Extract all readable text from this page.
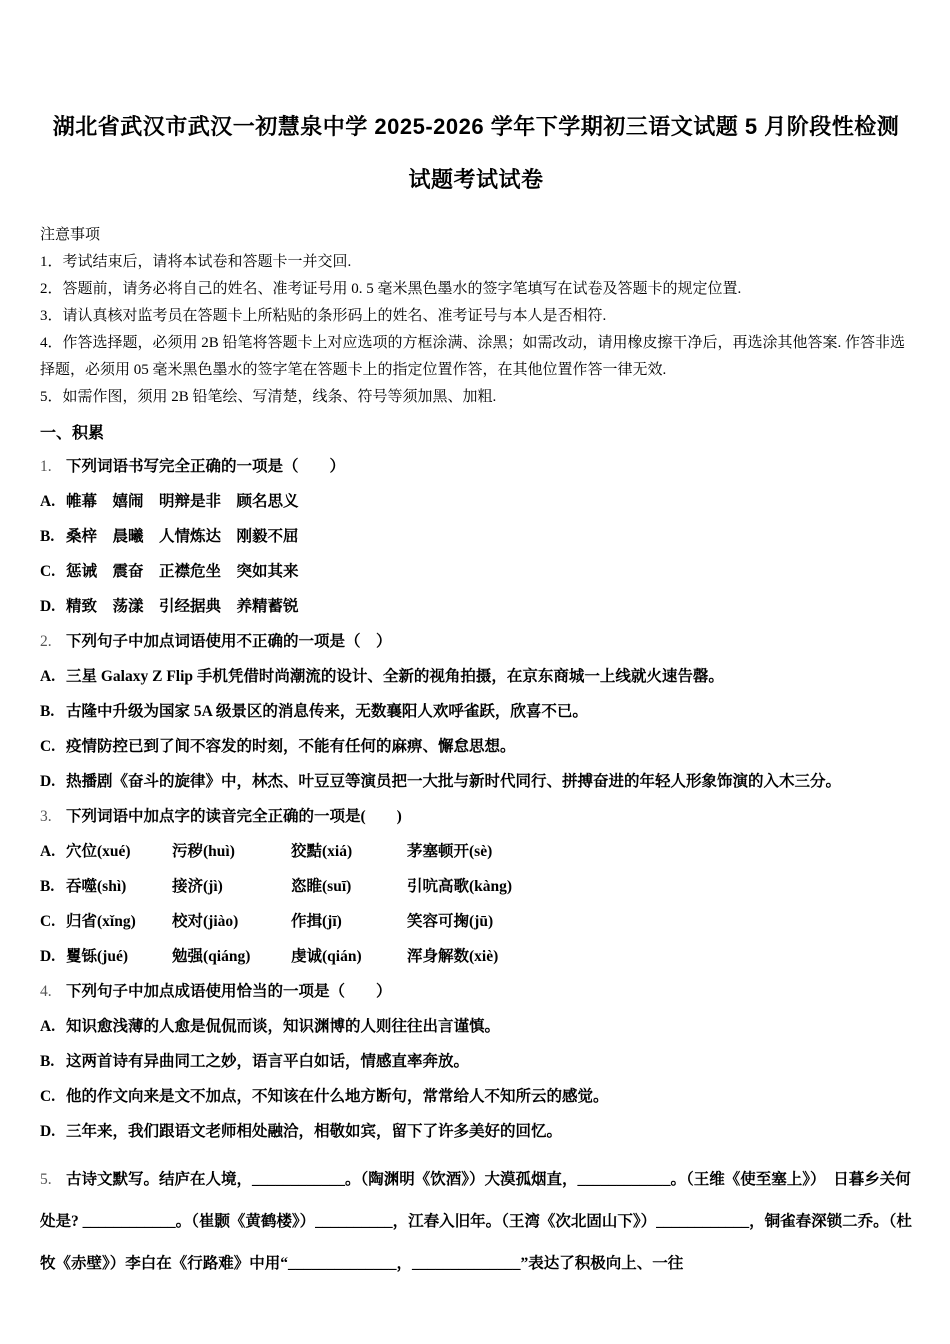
湖北省武汉市武汉一初慧泉中学 2025-2026 学年下学期初三语文试题 5 月阶段性检测
试题考试试卷

注意事项

1．考试结束后，请将本试卷和答题卡一并交回.

2．答题前，请务必将自己的姓名、准考证号用 0. 5 毫米黑色墨水的签字笔填写在试卷及答题卡的规定位置.

3．请认真核对监考员在答题卡上所粘贴的条形码上的姓名、准考证号与本人是否相符.

4．作答选择题，必须用 2B 铅笔将答题卡上对应选项的方框涂满、涂黑；如需改动，请用橡皮擦干净后，再选涂其他答案. 作答非选择题，必须用 05 毫米黑色墨水的签字笔在答题卡上的指定位置作答，在其他位置作答一律无效.

5．如需作图，须用 2B 铅笔绘、写清楚，线条、符号等须加黑、加粗.

一、积累

1. 下列词语书写完全正确的一项是（　　）

A. 帷幕　嬉闹　明辩是非　顾名思义

B. 桑梓　晨曦　人情炼达　刚毅不屈

C. 惩诫　震奋　正襟危坐　突如其来

D. 精致　荡漾　引经据典　养精蓄锐

2. 下列句子中加点词语使用不正确的一项是（　）

A. 三星 Galaxy Z Flip 手机凭借时尚潮流的设计、全新的视角拍摄，在京东商城一上线就火速告罄。

B. 古隆中升级为国家 5A 级景区的消息传来，无数襄阳人欢呼雀跃，欣喜不已。

C. 疫情防控已到了间不容发的时刻，不能有任何的麻痹、懈怠思想。

D. 热播剧《奋斗的旋律》中，林杰、叶豆豆等演员把一大批与新时代同行、拼搏奋进的年轻人形象饰演的入木三分。

3. 下列词语中加点字的读音完全正确的一项是(　　)

A. 穴位(xué)	污秽(huì)	狡黠(xiá)	茅塞顿开(sè)

B. 吞噬(shì)	接济(jì)	恣睢(suī)	引吭高歌(kàng)

C. 归省(xǐng) 校对(jiào)	作揖(jī)	笑容可掬(jū)

D. 矍铄(jué)	勉强(qiáng)	虔诚(qián)	浑身解数(xiè)

4. 下列句子中加点成语使用恰当的一项是（　　）

A. 知识愈浅薄的人愈是侃侃而谈，知识渊博的人则往往出言谨慎。

B. 这两首诗有异曲同工之妙，语言平白如话，情感直率奔放。

C. 他的作文向来是文不加点，不知该在什么地方断句，常常给人不知所云的感觉。

D. 三年来，我们跟语文老师相处融洽，相敬如宾，留下了许多美好的回忆。

5. 古诗文默写。结庐在人境，____________。（陶渊明《饮酒》）大漠孤烟直，____________。（王维《使至塞上》）　日暮乡关何处是? ____________。（崔颢《黄鹤楼》）__________，江春入旧年。（王湾《次北固山下》）____________，铜雀春深锁二乔。（杜牧《赤壁》）李白在《行路难》中用“______________，______________”表达了积极向上、一往
